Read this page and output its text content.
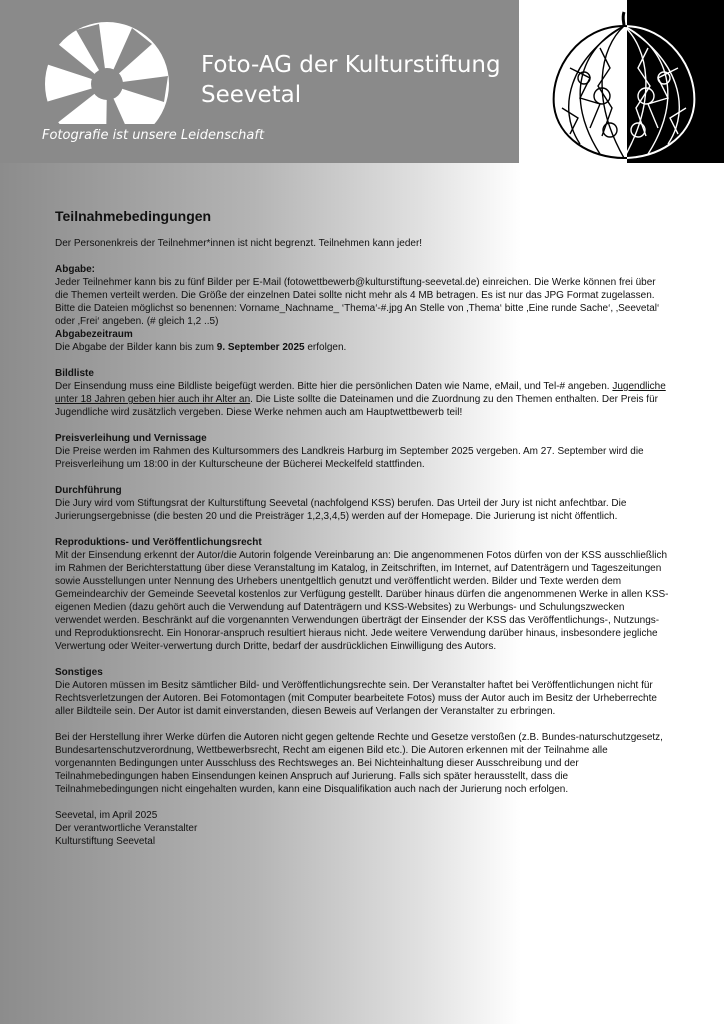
Foto-AG der Kulturstiftung
Seevetal
Fotografie ist unsere Leidenschaft
Teilnahmebedingungen

Der Personenkreis der Teilnehmer*innen ist nicht begrenzt. Teilnehmen kann jeder!

Abgabe:
Jeder Teilnehmer kann bis zu fünf Bilder per E-Mail (fotowettbewerb@kulturstiftung-seevetal.de) einreichen. Die Werke können frei über die Themen verteilt werden. Die Größe der einzelnen Datei sollte nicht mehr als 4 MB betragen. Es ist nur das JPG Format zugelassen. Bitte die Dateien möglichst so benennen: Vorname_Nachname_ ‘Thema‘-#.jpg An Stelle von ‚Thema‘ bitte ‚Eine runde Sache‘, ‚Seevetal‘ oder ‚Frei‘ angeben. (# gleich 1,2 ..5)
Abgabezeitraum
Die Abgabe der Bilder kann bis zum 9. September 2025 erfolgen.
Bildliste
Der Einsendung muss eine Bildliste beigefügt werden. Bitte hier die persönlichen Daten wie Name, eMail, und Tel-# angeben. Jugendliche unter 18 Jahren geben hier auch ihr Alter an. Die Liste sollte die Dateinamen und die Zuordnung zu den Themen enthalten. Der Preis für Jugendliche wird zusätzlich vergeben. Diese Werke nehmen auch am Hauptwettbewerb teil!
Preisverleihung und Vernissage
Die Preise werden im Rahmen des Kultursommers des Landkreis Harburg im September 2025 vergeben. Am 27. September wird die Preisverleihung um 18:00 in der Kulturscheune der Bücherei Meckelfeld stattfinden.
Durchführung
Die Jury wird vom Stiftungsrat der Kulturstiftung Seevetal (nachfolgend KSS) berufen. Das Urteil der Jury ist nicht anfechtbar. Die Jurierungsergebnisse (die besten 20 und die Preisträger 1,2,3,4,5) werden auf der Homepage. Die Jurierung ist nicht öffentlich.
Reproduktions- und Veröffentlichungsrecht
Mit der Einsendung erkennt der Autor/die Autorin folgende Vereinbarung an: Die angenommenen Fotos dürfen von der KSS ausschließlich im Rahmen der Berichterstattung über diese Veranstaltung im Katalog, in Zeitschriften, im Internet, auf Datenträgern und Tageszeitungen sowie Ausstellungen unter Nennung des Urhebers unentgeltlich genutzt und veröffentlicht werden. Bilder und Texte werden dem Gemeindearchiv der Gemeinde Seevetal kostenlos zur Verfügung gestellt. Darüber hinaus dürfen die angenommenen Werke in allen KSS-eigenen Medien (dazu gehört auch die Verwendung auf Datenträgern und KSS-Websites) zu Werbungs- und Schulungszwecken verwendet werden. Beschränkt auf die vorgenannten Verwendungen überträgt der Einsender der KSS das Veröffentlichungs-, Nutzungs- und Reproduktionsrecht. Ein Honorar-anspruch resultiert hieraus nicht. Jede weitere Verwendung darüber hinaus, insbesondere jegliche Verwertung oder Weiter-verwertung durch Dritte, bedarf der ausdrücklichen Einwilligung des Autors.
Sonstiges
Die Autoren müssen im Besitz sämtlicher Bild- und Veröffentlichungsrechte sein. Der Veranstalter haftet bei Veröffentlichungen nicht für Rechtsverletzungen der Autoren. Bei Fotomontagen (mit Computer bearbeitete Fotos) muss der Autor auch im Besitz der Urheberrechte aller Bildteile sein. Der Autor ist damit einverstanden, diesen Beweis auf Verlangen der Veranstalter zu erbringen.

Bei der Herstellung ihrer Werke dürfen die Autoren nicht gegen geltende Rechte und Gesetze verstoßen (z.B. Bundes-naturschutzgesetz, Bundesartenschutzverordnung, Wettbewerbsrecht, Recht am eigenen Bild etc.). Die Autoren erkennen mit der Teilnahme alle vorgenannten Bedingungen unter Ausschluss des Rechtsweges an. Bei Nichteinhaltung dieser Ausschreibung und der Teilnahmebedingungen haben Einsendungen keinen Anspruch auf Jurierung. Falls sich später herausstellt, dass die Teilnahmebedingungen nicht eingehalten wurden, kann eine Disqualifikation auch nach der Jurierung noch erfolgen.

Seevetal, im April 2025
Der verantwortliche Veranstalter
Kulturstiftung Seevetal
